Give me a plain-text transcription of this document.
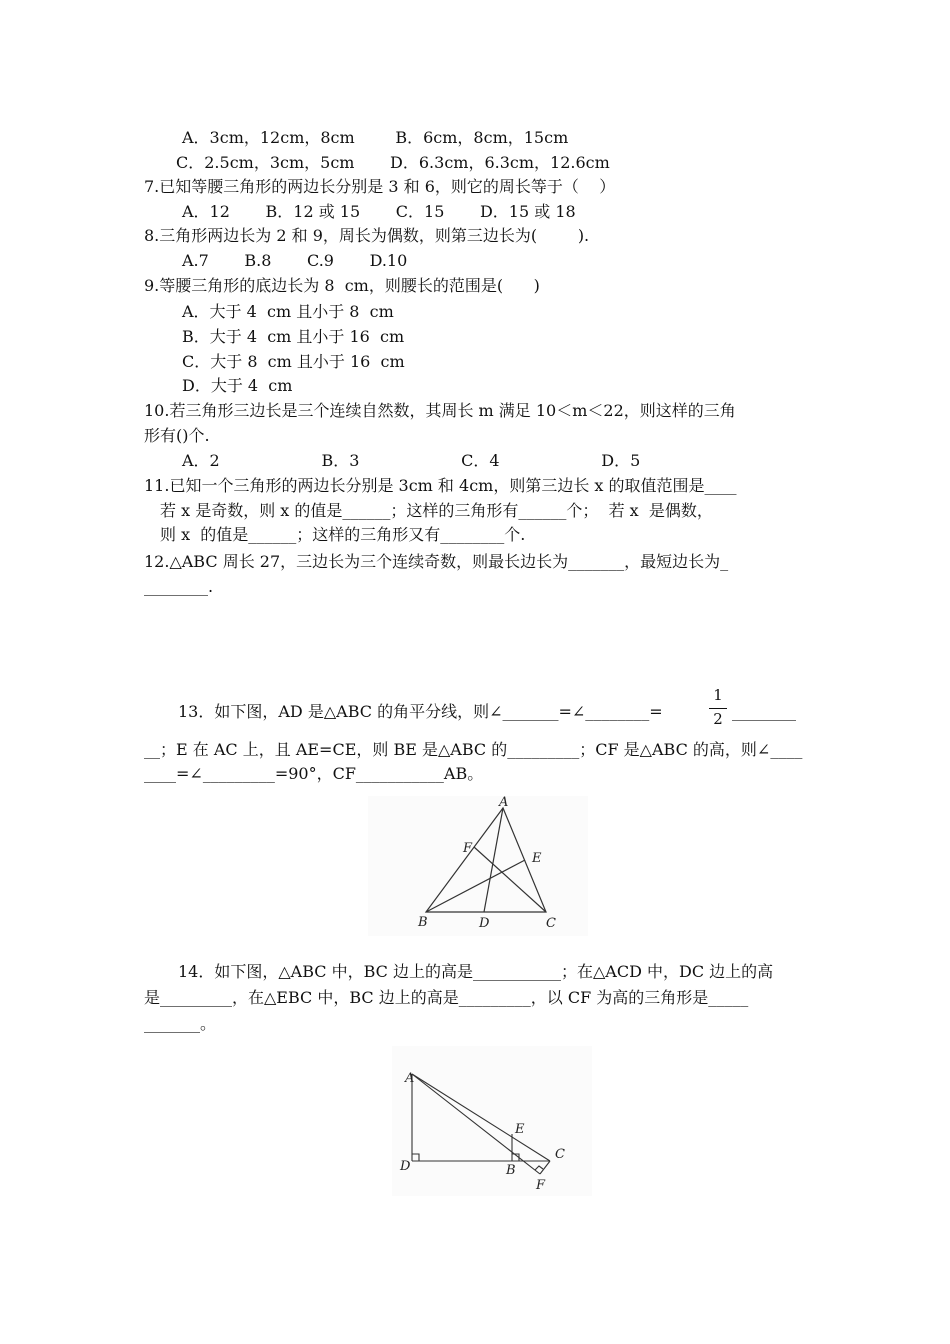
A．3cm，12cm，8cm        B．6cm，8cm，15cm
C．2.5cm，3cm，5cm       D．6.3cm，6.3cm，12.6cm
7.已知等腰三角形的两边长分别是 3 和 6，则它的周长等于（    ）
A．12       B．12 或 15       C．15       D．15 或 18
8.三角形两边长为 2 和 9，周长为偶数，则第三边长为(        ).
A.7       B.8       C.9       D.10
9.等腰三角形的底边长为 8  cm，则腰长的范围是(      )
A．大于 4  cm 且小于 8  cm
B．大于 4  cm 且小于 16  cm
C．大于 8  cm 且小于 16  cm
D．大于 4  cm
10.若三角形三边长是三个连续自然数，其周长 m 满足 10＜m＜22，则这样的三角
形有()个.
A．2                    B．3                    C．4                    D．5
11.已知一个三角形的两边长分别是 3cm 和 4cm，则第三边长 x 的取值范围是____
若 x 是奇数，则 x 的值是______；这样的三角形有______个；  若 x  是偶数，
则 x  的值是______；这样的三角形又有________个.
12.△ABC 周长 27，三边长为三个连续奇数，则最长边长为_______，最短边长为_
________.
13．如下图，AD 是△ABC 的角平分线，则∠_______=∠________=
1
2 ________
__；E 在 AC 上，且 AE=CE，则 BE 是△ABC 的_________；CF 是△ABC 的高，则∠____
____=∠_________=90°，CF___________AB。
A
B	D	C
E
F
14．如下图，△ABC 中，BC 边上的高是___________；在△ACD 中，DC 边上的高
是_________，在△EBC 中，BC 边上的高是_________，以 CF 为高的三角形是_____
_______。
A
D	B
C
E
F
